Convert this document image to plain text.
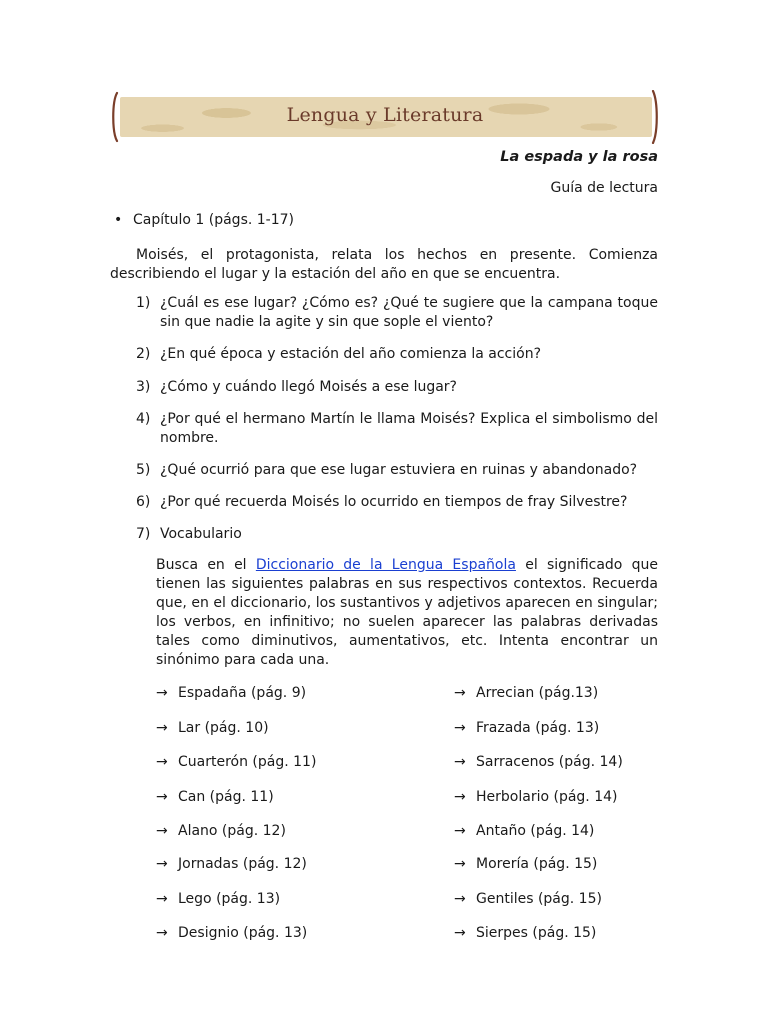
Lengua y Literatura
La espada y la rosa
Guía de lectura
• Capítulo 1 (págs. 1-17)
Moisés, el protagonista, relata los hechos en presente. Comienza describiendo el lugar y la estación del año en que se encuentra.
1) ¿Cuál es ese lugar? ¿Cómo es? ¿Qué te sugiere que la campana toque sin que nadie la agite y sin que sople el viento?
2) ¿En qué época y estación del año comienza la acción?
3) ¿Cómo y cuándo llegó Moisés a ese lugar?
4) ¿Por qué el hermano Martín le llama Moisés? Explica el simbolismo del nombre.
5) ¿Qué ocurrió para que ese lugar estuviera en ruinas y abandonado?
6) ¿Por qué recuerda Moisés lo ocurrido en tiempos de fray Silvestre?
7) Vocabulario
Busca en el Diccionario de la Lengua Española el significado que tienen las siguientes palabras en sus respectivos contextos. Recuerda que, en el diccionario, los sustantivos y adjetivos aparecen en singular; los verbos, en infinitivo; no suelen aparecer las palabras derivadas tales como diminutivos, aumentativos, etc. Intenta encontrar un sinónimo para cada una.
→ Espadaña (pág. 9)
→ Lar (pág. 10)
→ Cuarterón (pág. 11)
→ Can (pág. 11)
→ Alano (pág. 12)
→ Jornadas (pág. 12)
→ Lego (pág. 13)
→ Designio (pág. 13)
→ Arrecian (pág.13)
→ Frazada (pág. 13)
→ Sarracenos (pág. 14)
→ Herbolario (pág. 14)
→ Antaño (pág. 14)
→ Morería (pág. 15)
→ Gentiles (pág. 15)
→ Sierpes (pág. 15)
